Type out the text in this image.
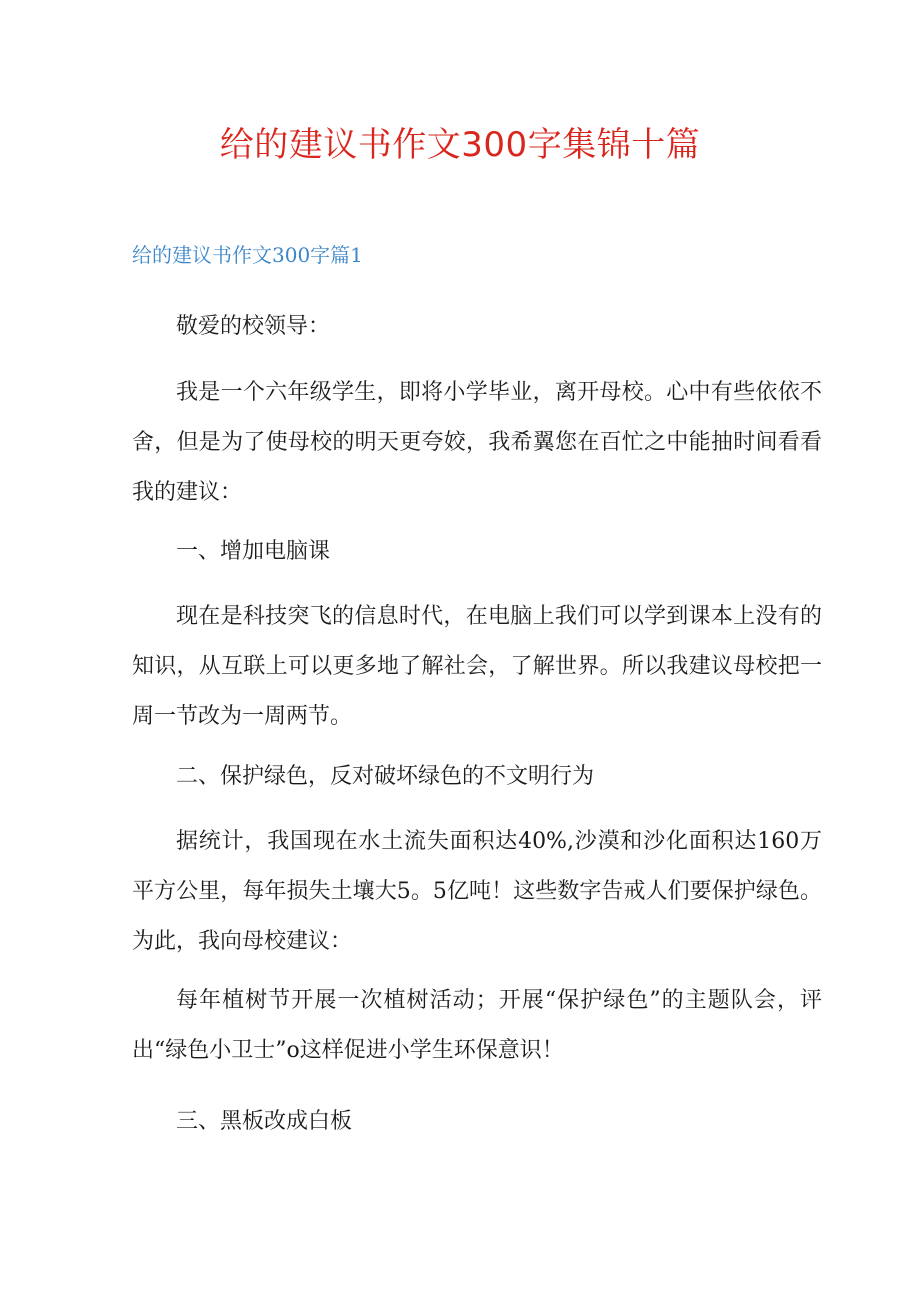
给的建议书作文300字集锦十篇
给的建议书作文300字篇1

敬爱的校领导：

我是一个六年级学生，即将小学毕业，离开母校。心中有些依依不舍，但是为了使母校的明天更夸姣，我希翼您在百忙之中能抽时间看看我的建议：

一、增加电脑课

现在是科技突飞的信息时代，在电脑上我们可以学到课本上没有的知识，从互联上可以更多地了解社会，了解世界。所以我建议母校把一周一节改为一周两节。

二、保护绿色，反对破坏绿色的不文明行为

据统计，我国现在水土流失面积达40%,沙漠和沙化面积达160万平方公里，每年损失土壤大5。5亿吨！这些数字告戒人们要保护绿色。为此，我向母校建议：

每年植树节开展一次植树活动；开展“保护绿色”的主题队会，评出“绿色小卫士”o这样促进小学生环保意识！

三、黑板改成白板
